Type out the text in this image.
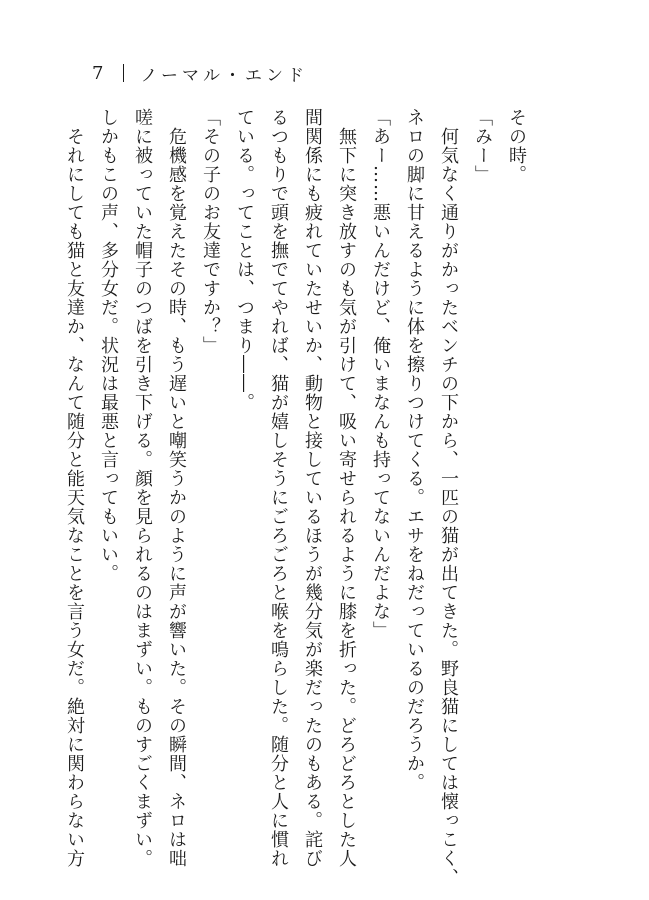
7 ノーマル・エンド

その時。

「みー」

　何気なく通りがかったベンチの下から、一匹の猫が出てきた。野良猫にしては懐っこく、

ネロの脚に甘えるように体を擦りつけてくる。エサをねだっているのだろうか。

「あー……悪いんだけど、俺いまなんも持ってないんだよな」

　無下に突き放すのも気が引けて、吸い寄せられるように膝を折った。どろどろとした人

間関係にも疲れていたせいか、動物と接しているほうが幾分気が楽だったのもある。詫び

るつもりで頭を撫でてやれば、猫が嬉しそうにごろごろと喉を鳴らした。随分と人に慣れ

ている。ってことは、つまり――。

「その子のお友達ですか？」

　危機感を覚えたその時、もう遅いと嘲笑うかのように声が響いた。その瞬間、ネロは咄

嗟に被っていた帽子のつばを引き下げる。顔を見られるのはまずい。ものすごくまずい。

しかもこの声、多分女だ。状況は最悪と言ってもいい。

　それにしても猫と友達か、なんて随分と能天気なことを言う女だ。絶対に関わらない方
